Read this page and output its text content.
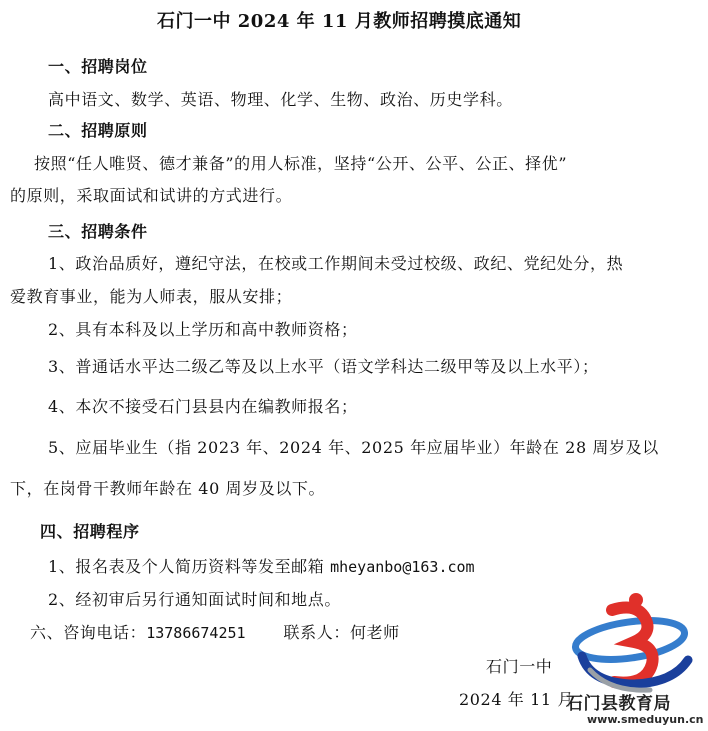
石门一中 2024 年 11 月教师招聘摸底通知
一、招聘岗位
高中语文、数学、英语、物理、化学、生物、政治、历史学科。
二、招聘原则
按照“任人唯贤、德才兼备”的用人标准，坚持“公开、公平、公正、择优”
的原则，采取面试和试讲的方式进行。
三、招聘条件
1、政治品质好，遵纪守法，在校或工作期间未受过校级、政纪、党纪处分，热
爱教育事业，能为人师表，服从安排；
2、具有本科及以上学历和高中教师资格；
3、普通话水平达二级乙等及以上水平（语文学科达二级甲等及以上水平）；
4、本次不接受石门县县内在编教师报名；
5、应届毕业生（指 2023 年、2024 年、2025 年应届毕业）年龄在 28 周岁及以
下，在岗骨干教师年龄在 40 周岁及以下。
四、招聘程序
1、报名表及个人简历资料等发至邮箱 mheyanbo@163.com
2、经初审后另行通知面试时间和地点。
六、咨询电话：13786674251 联系人：何老师
石门一中
2024 年 11 月
石门县教育局
www.smeduyun.cn
